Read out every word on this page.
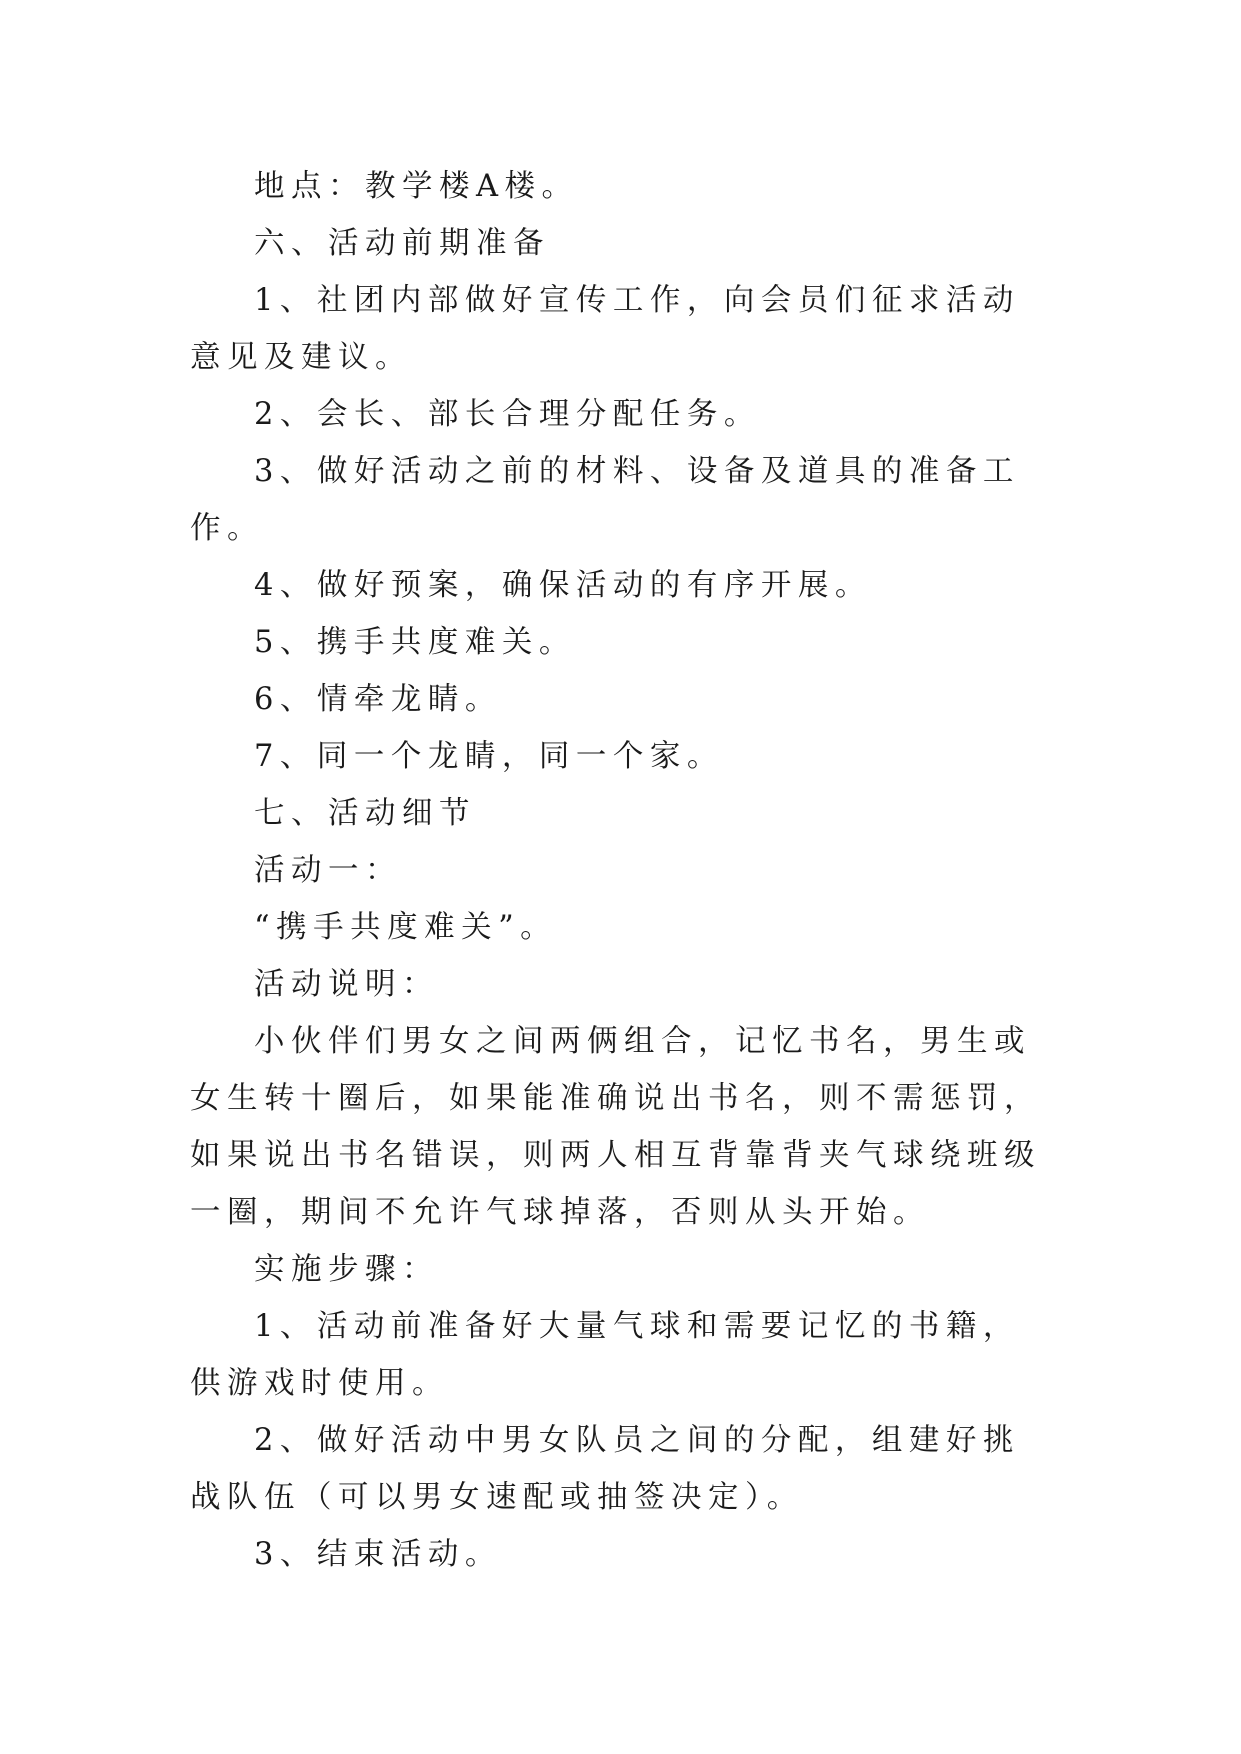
地点：教学楼A楼。

六、活动前期准备

1、社团内部做好宣传工作，向会员们征求活动意见及建议。

2、会长、部长合理分配任务。

3、做好活动之前的材料、设备及道具的准备工作。

4、做好预案，确保活动的有序开展。

5、携手共度难关。

6、情牵龙睛。

7、同一个龙睛，同一个家。

七、活动细节

活动一：

“携手共度难关”。

活动说明：

小伙伴们男女之间两俩组合，记忆书名，男生或女生转十圈后，如果能准确说出书名，则不需惩罚，如果说出书名错误，则两人相互背靠背夹气球绕班级一圈，期间不允许气球掉落，否则从头开始。

实施步骤：

1、活动前准备好大量气球和需要记忆的书籍，供游戏时使用。

2、做好活动中男女队员之间的分配，组建好挑战队伍（可以男女速配或抽签决定）。

3、结束活动。
